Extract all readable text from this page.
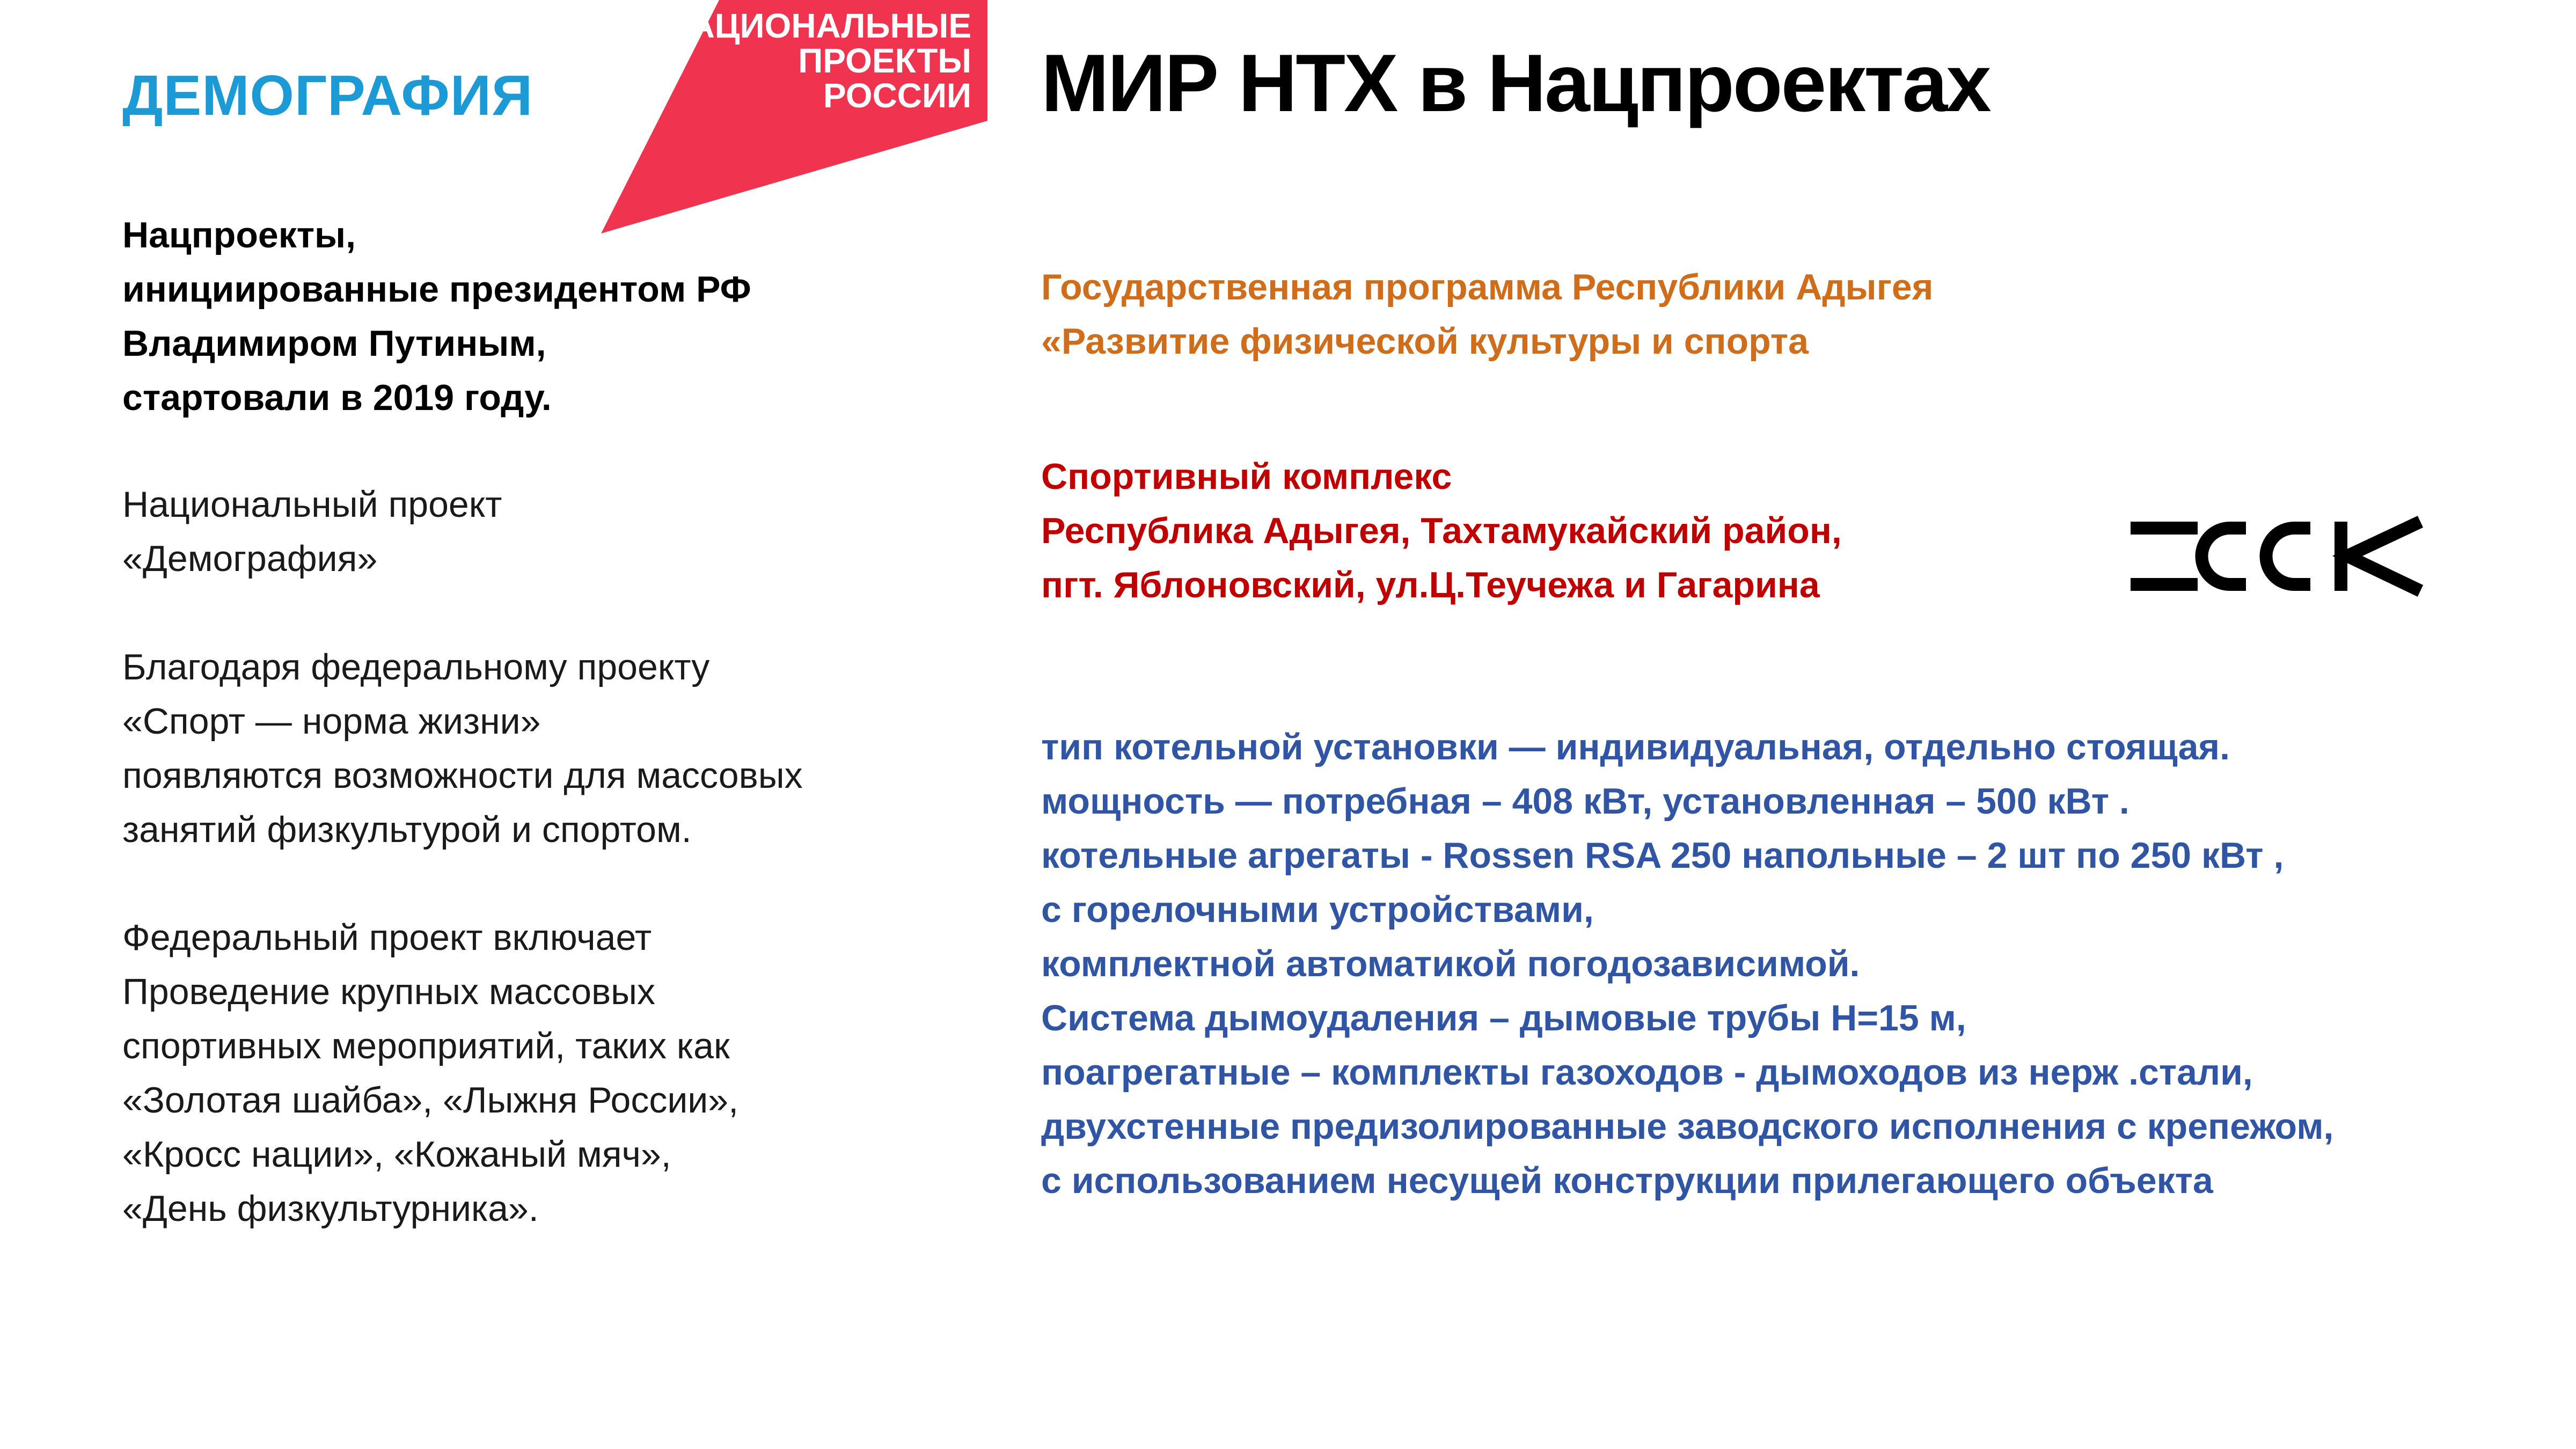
ДЕМОГРАФИЯ
НАЦИОНАЛЬНЫЕ
ПРОЕКТЫ
РОССИИ МИР НТХ в Нацпроектах
Нацпроекты,
инициированные президентом РФ
Владимиром Путиным,
стартовали в 2019 году.
Национальный проект
«Демография»
Благодаря федеральному проекту
«Спорт — норма жизни»
появляются возможности для массовых
занятий физкультурой и спортом.
Федеральный проект включает
Проведение крупных массовых
спортивных мероприятий, таких как
«Золотая шайба», «Лыжня России»,
«Кросс нации», «Кожаный мяч»,
«День физкультурника».
Государственная программа Республики Адыгея
«Развитие физической культуры и спорта
Спортивный комплекс
Республика Адыгея, Тахтамукайский район,
пгт. Яблоновский, ул.Ц.Теучежа и Гагарина
тип котельной установки — индивидуальная, отдельно стоящая.
мощность — потребная – 408 кВт, установленная – 500 кВт .
котельные агрегаты - Rossen RSA 250 напольные – 2 шт по 250 кВт ,
с горелочными устройствами,
комплектной автоматикой погодозависимой.
Система дымоудаления – дымовые трубы Н=15 м,
поагрегатные – комплекты газоходов - дымоходов из нерж .стали,
двухстенные предизолированные заводского исполнения с крепежом,
с использованием несущей конструкции прилегающего объекта
